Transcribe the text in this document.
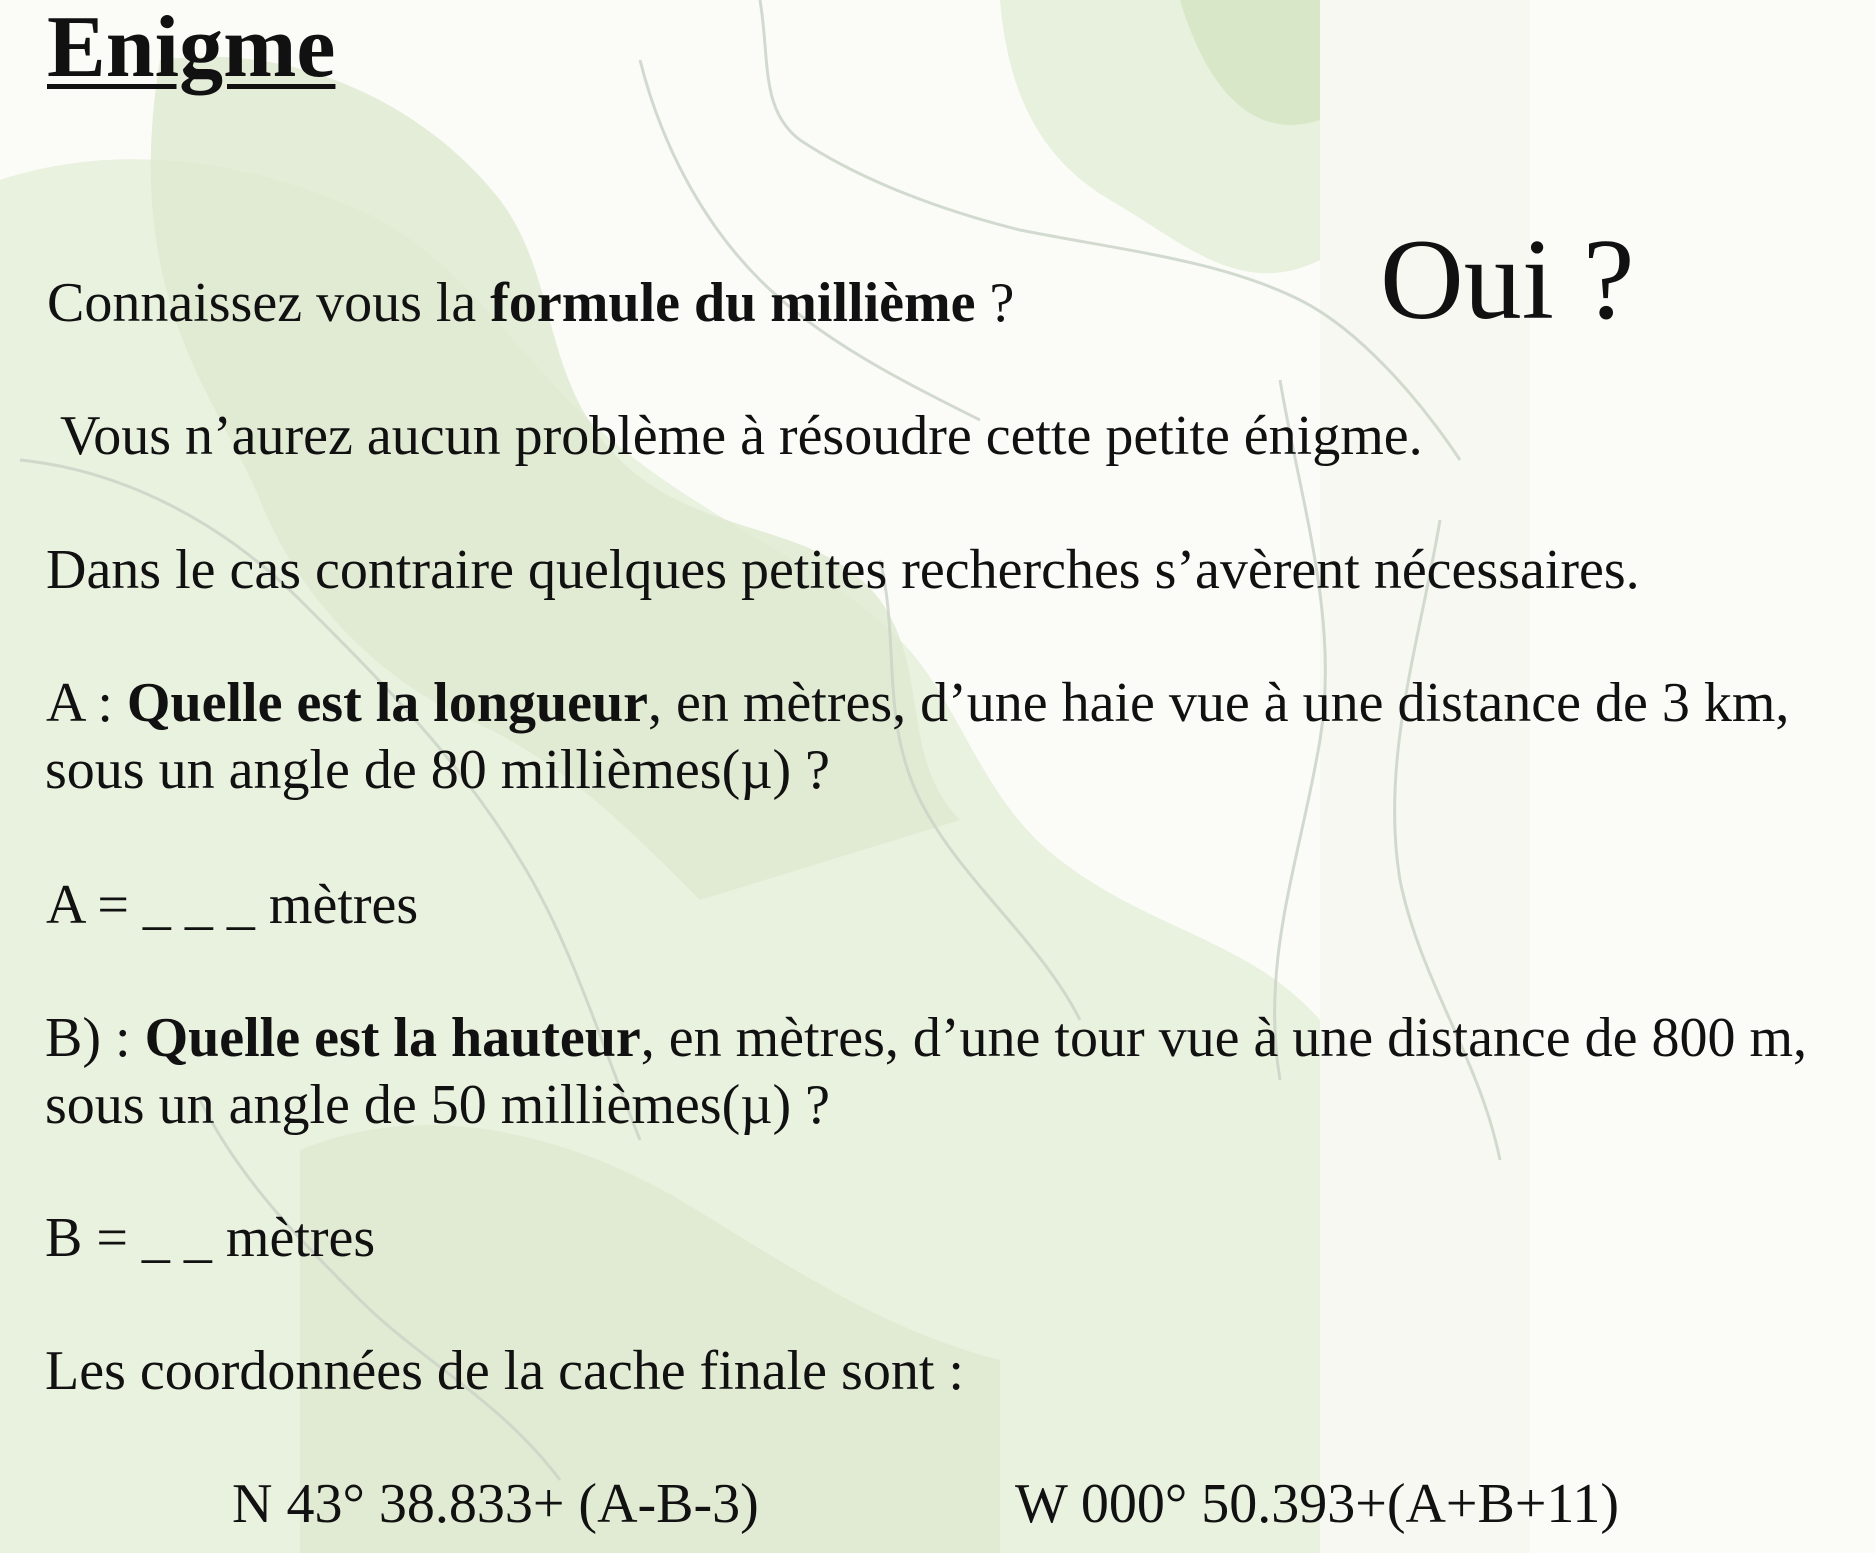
Enigme
Connaissez vous la formule du millième ?	Oui ?
Vous n’aurez aucun problème à résoudre cette petite énigme.
Dans le cas contraire quelques petites recherches s’avèrent nécessaires.
A : Quelle est la longueur, en mètres, d’une haie vue à une distance de 3 km,
sous un angle de 80 millièmes(µ) ?
A = _ _ _ mètres
B) : Quelle est la hauteur, en mètres, d’une tour vue à une distance de 800 m,
sous un angle de 50 millièmes(µ) ?
B = _ _ mètres
Les coordonnées de la cache finale sont :
N 43° 38.833+ (A-B-3)	W 000° 50.393+(A+B+11)
